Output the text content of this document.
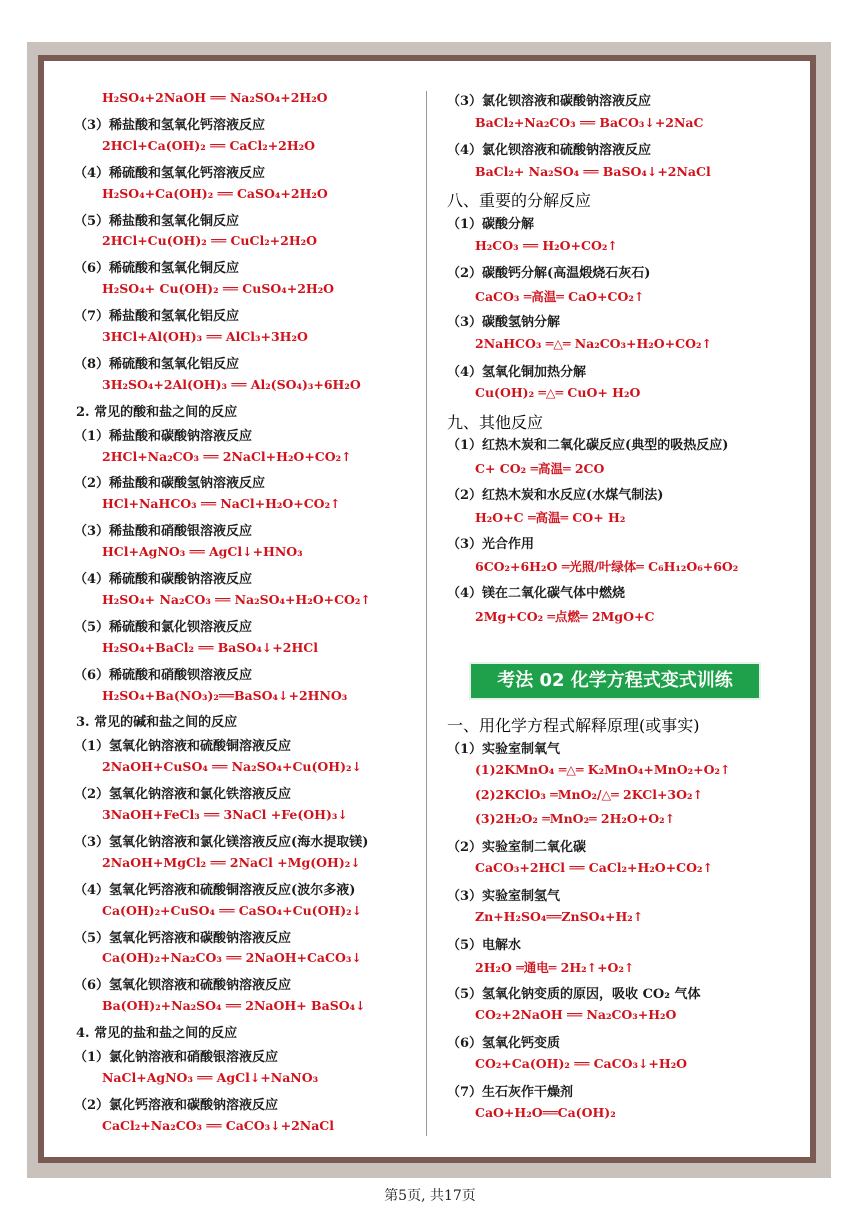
H₂SO₄+2NaOH ══ Na₂SO₄+2H₂O
（3）稀盐酸和氢氧化钙溶液反应
2HCl+Ca(OH)₂ ══ CaCl₂+2H₂O
（4）稀硫酸和氢氧化钙溶液反应
H₂SO₄+Ca(OH)₂ ══ CaSO₄+2H₂O
（5）稀盐酸和氢氧化铜反应
2HCl+Cu(OH)₂ ══ CuCl₂+2H₂O
（6）稀硫酸和氢氧化铜反应
H₂SO₄+ Cu(OH)₂ ══ CuSO₄+2H₂O
（7）稀盐酸和氢氧化铝反应
3HCl+Al(OH)₃ ══ AlCl₃+3H₂O
（8）稀硫酸和氢氧化铝反应
3H₂SO₄+2Al(OH)₃ ══ Al₂(SO₄)₃+6H₂O
2. 常见的酸和盐之间的反应
（1）稀盐酸和碳酸钠溶液反应
2HCl+Na₂CO₃ ══ 2NaCl+H₂O+CO₂↑
（2）稀盐酸和碳酸氢钠溶液反应
HCl+NaHCO₃ ══ NaCl+H₂O+CO₂↑
（3）稀盐酸和硝酸银溶液反应
HCl+AgNO₃ ══ AgCl↓+HNO₃
（4）稀硫酸和碳酸钠溶液反应
H₂SO₄+ Na₂CO₃ ══ Na₂SO₄+H₂O+CO₂↑
（5）稀硫酸和氯化钡溶液反应
H₂SO₄+BaCl₂ ══ BaSO₄↓+2HCl
（6）稀硫酸和硝酸钡溶液反应
H₂SO₄+Ba(NO₃)₂══BaSO₄↓+2HNO₃
3. 常见的碱和盐之间的反应
（1）氢氧化钠溶液和硫酸铜溶液反应
2NaOH+CuSO₄ ══ Na₂SO₄+Cu(OH)₂↓
（2）氢氧化钠溶液和氯化铁溶液反应
3NaOH+FeCl₃ ══ 3NaCl +Fe(OH)₃↓
（3）氢氧化钠溶液和氯化镁溶液反应(海水提取镁)
2NaOH+MgCl₂ ══ 2NaCl +Mg(OH)₂↓
（4）氢氧化钙溶液和硫酸铜溶液反应(波尔多液)
Ca(OH)₂+CuSO₄ ══ CaSO₄+Cu(OH)₂↓
（5）氢氧化钙溶液和碳酸钠溶液反应
Ca(OH)₂+Na₂CO₃ ══ 2NaOH+CaCO₃↓
（6）氢氧化钡溶液和硫酸钠溶液反应
Ba(OH)₂+Na₂SO₄ ══ 2NaOH+ BaSO₄↓
4. 常见的盐和盐之间的反应
（1）氯化钠溶液和硝酸银溶液反应
NaCl+AgNO₃ ══ AgCl↓+NaNO₃
（2）氯化钙溶液和碳酸钠溶液反应
CaCl₂+Na₂CO₃ ══ CaCO₃↓+2NaCl
（3）氯化钡溶液和碳酸钠溶液反应
BaCl₂+Na₂CO₃ ══ BaCO₃↓+2NaC
（4）氯化钡溶液和硫酸钠溶液反应
BaCl₂+ Na₂SO₄ ══ BaSO₄↓+2NaCl
八、重要的分解反应
（1）碳酸分解
H₂CO₃ ══ H₂O+CO₂↑
（2）碳酸钙分解(高温煅烧石灰石)
CaCO₃ ═高温═ CaO+CO₂↑
（3）碳酸氢钠分解
2NaHCO₃ ═△═ Na₂CO₃+H₂O+CO₂↑
（4）氢氧化铜加热分解
Cu(OH)₂ ═△═ CuO+ H₂O
九、其他反应
（1）红热木炭和二氧化碳反应(典型的吸热反应)
C+ CO₂ ═高温═ 2CO
（2）红热木炭和水反应(水煤气制法)
H₂O+C ═高温═ CO+ H₂
（3）光合作用
6CO₂+6H₂O ═光照/叶绿体═ C₆H₁₂O₆+6O₂
（4）镁在二氧化碳气体中燃烧
2Mg+CO₂ ═点燃═ 2MgO+C
考法 02 化学方程式变式训练
一、用化学方程式解释原理(或事实)
（1）实验室制氧气
(1)2KMnO₄ ═△═ K₂MnO₄+MnO₂+O₂↑
(2)2KClO₃ ═MnO₂/△═ 2KCl+3O₂↑
(3)2H₂O₂ ═MnO₂═ 2H₂O+O₂↑
（2）实验室制二氧化碳
CaCO₃+2HCl ══ CaCl₂+H₂O+CO₂↑
（3）实验室制氢气
Zn+H₂SO₄══ZnSO₄+H₂↑
（5）电解水
2H₂O ═通电═ 2H₂↑+O₂↑
（5）氢氧化钠变质的原因，吸收 CO₂ 气体
CO₂+2NaOH ══ Na₂CO₃+H₂O
（6）氢氧化钙变质
CO₂+Ca(OH)₂ ══ CaCO₃↓+H₂O
（7）生石灰作干燥剂
CaO+H₂O══Ca(OH)₂
第5页, 共17页
